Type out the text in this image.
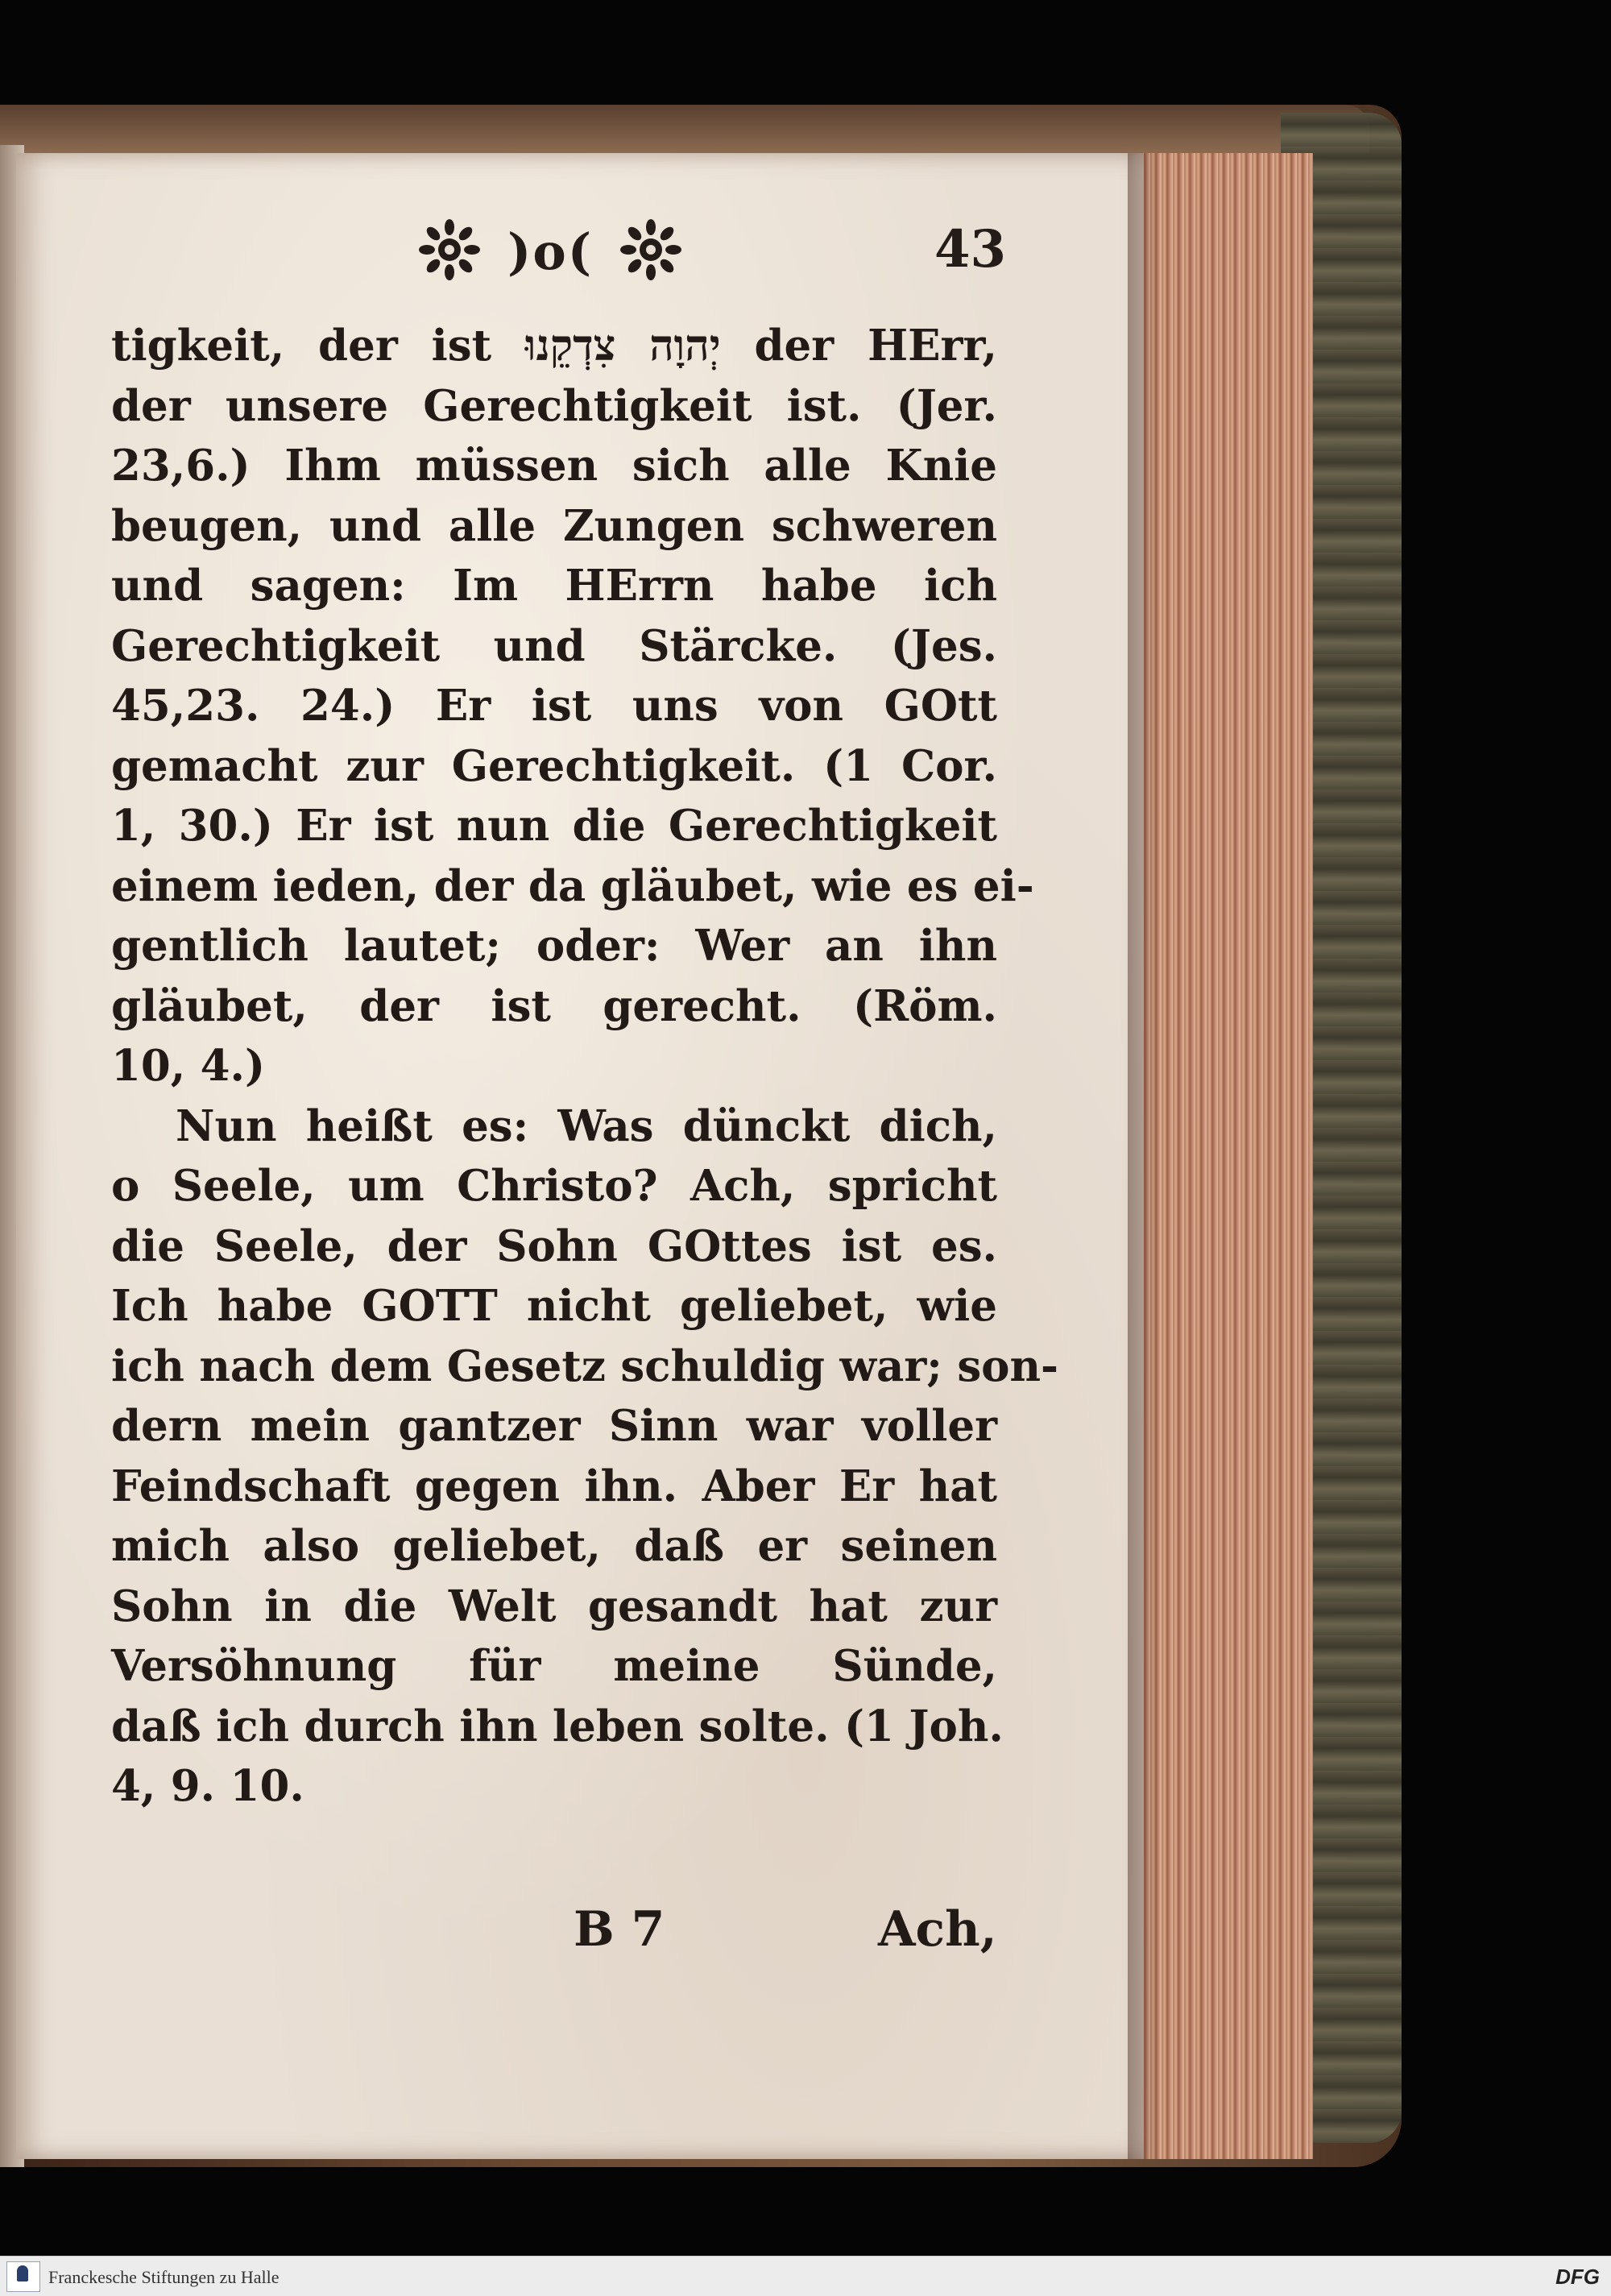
)o(	43
tigkeit, der ist יְהוָה צִדְקֵנוּ der HErr,
der unsere Gerechtigkeit ist. (Jer.
23,6.) Ihm müssen sich alle Knie
beugen, und alle Zungen schweren
und sagen: Im HErrn habe ich
Gerechtigkeit und Stärcke. (Jes.
45,23. 24.) Er ist uns von GOtt
gemacht zur Gerechtigkeit. (1 Cor.
1, 30.) Er ist nun die Gerechtigkeit
einem ieden, der da gläubet, wie es ei-
gentlich lautet; oder: Wer an ihn
gläubet, der ist gerecht. (Röm.
10, 4.)
Nun heißt es: Was dünckt dich,
o Seele, um Christo? Ach, spricht
die Seele, der Sohn GOttes ist es.
Ich habe GOTT nicht geliebet, wie
ich nach dem Gesetz schuldig war; son-
dern mein gantzer Sinn war voller
Feindschaft gegen ihn. Aber Er hat
mich also geliebet, daß er seinen
Sohn in die Welt gesandt hat zur
Versöhnung für meine Sünde,
daß ich durch ihn leben solte. (1 Joh.
4, 9. 10.
B 7	Ach,
Franckesche Stiftungen zu Halle	DFG
